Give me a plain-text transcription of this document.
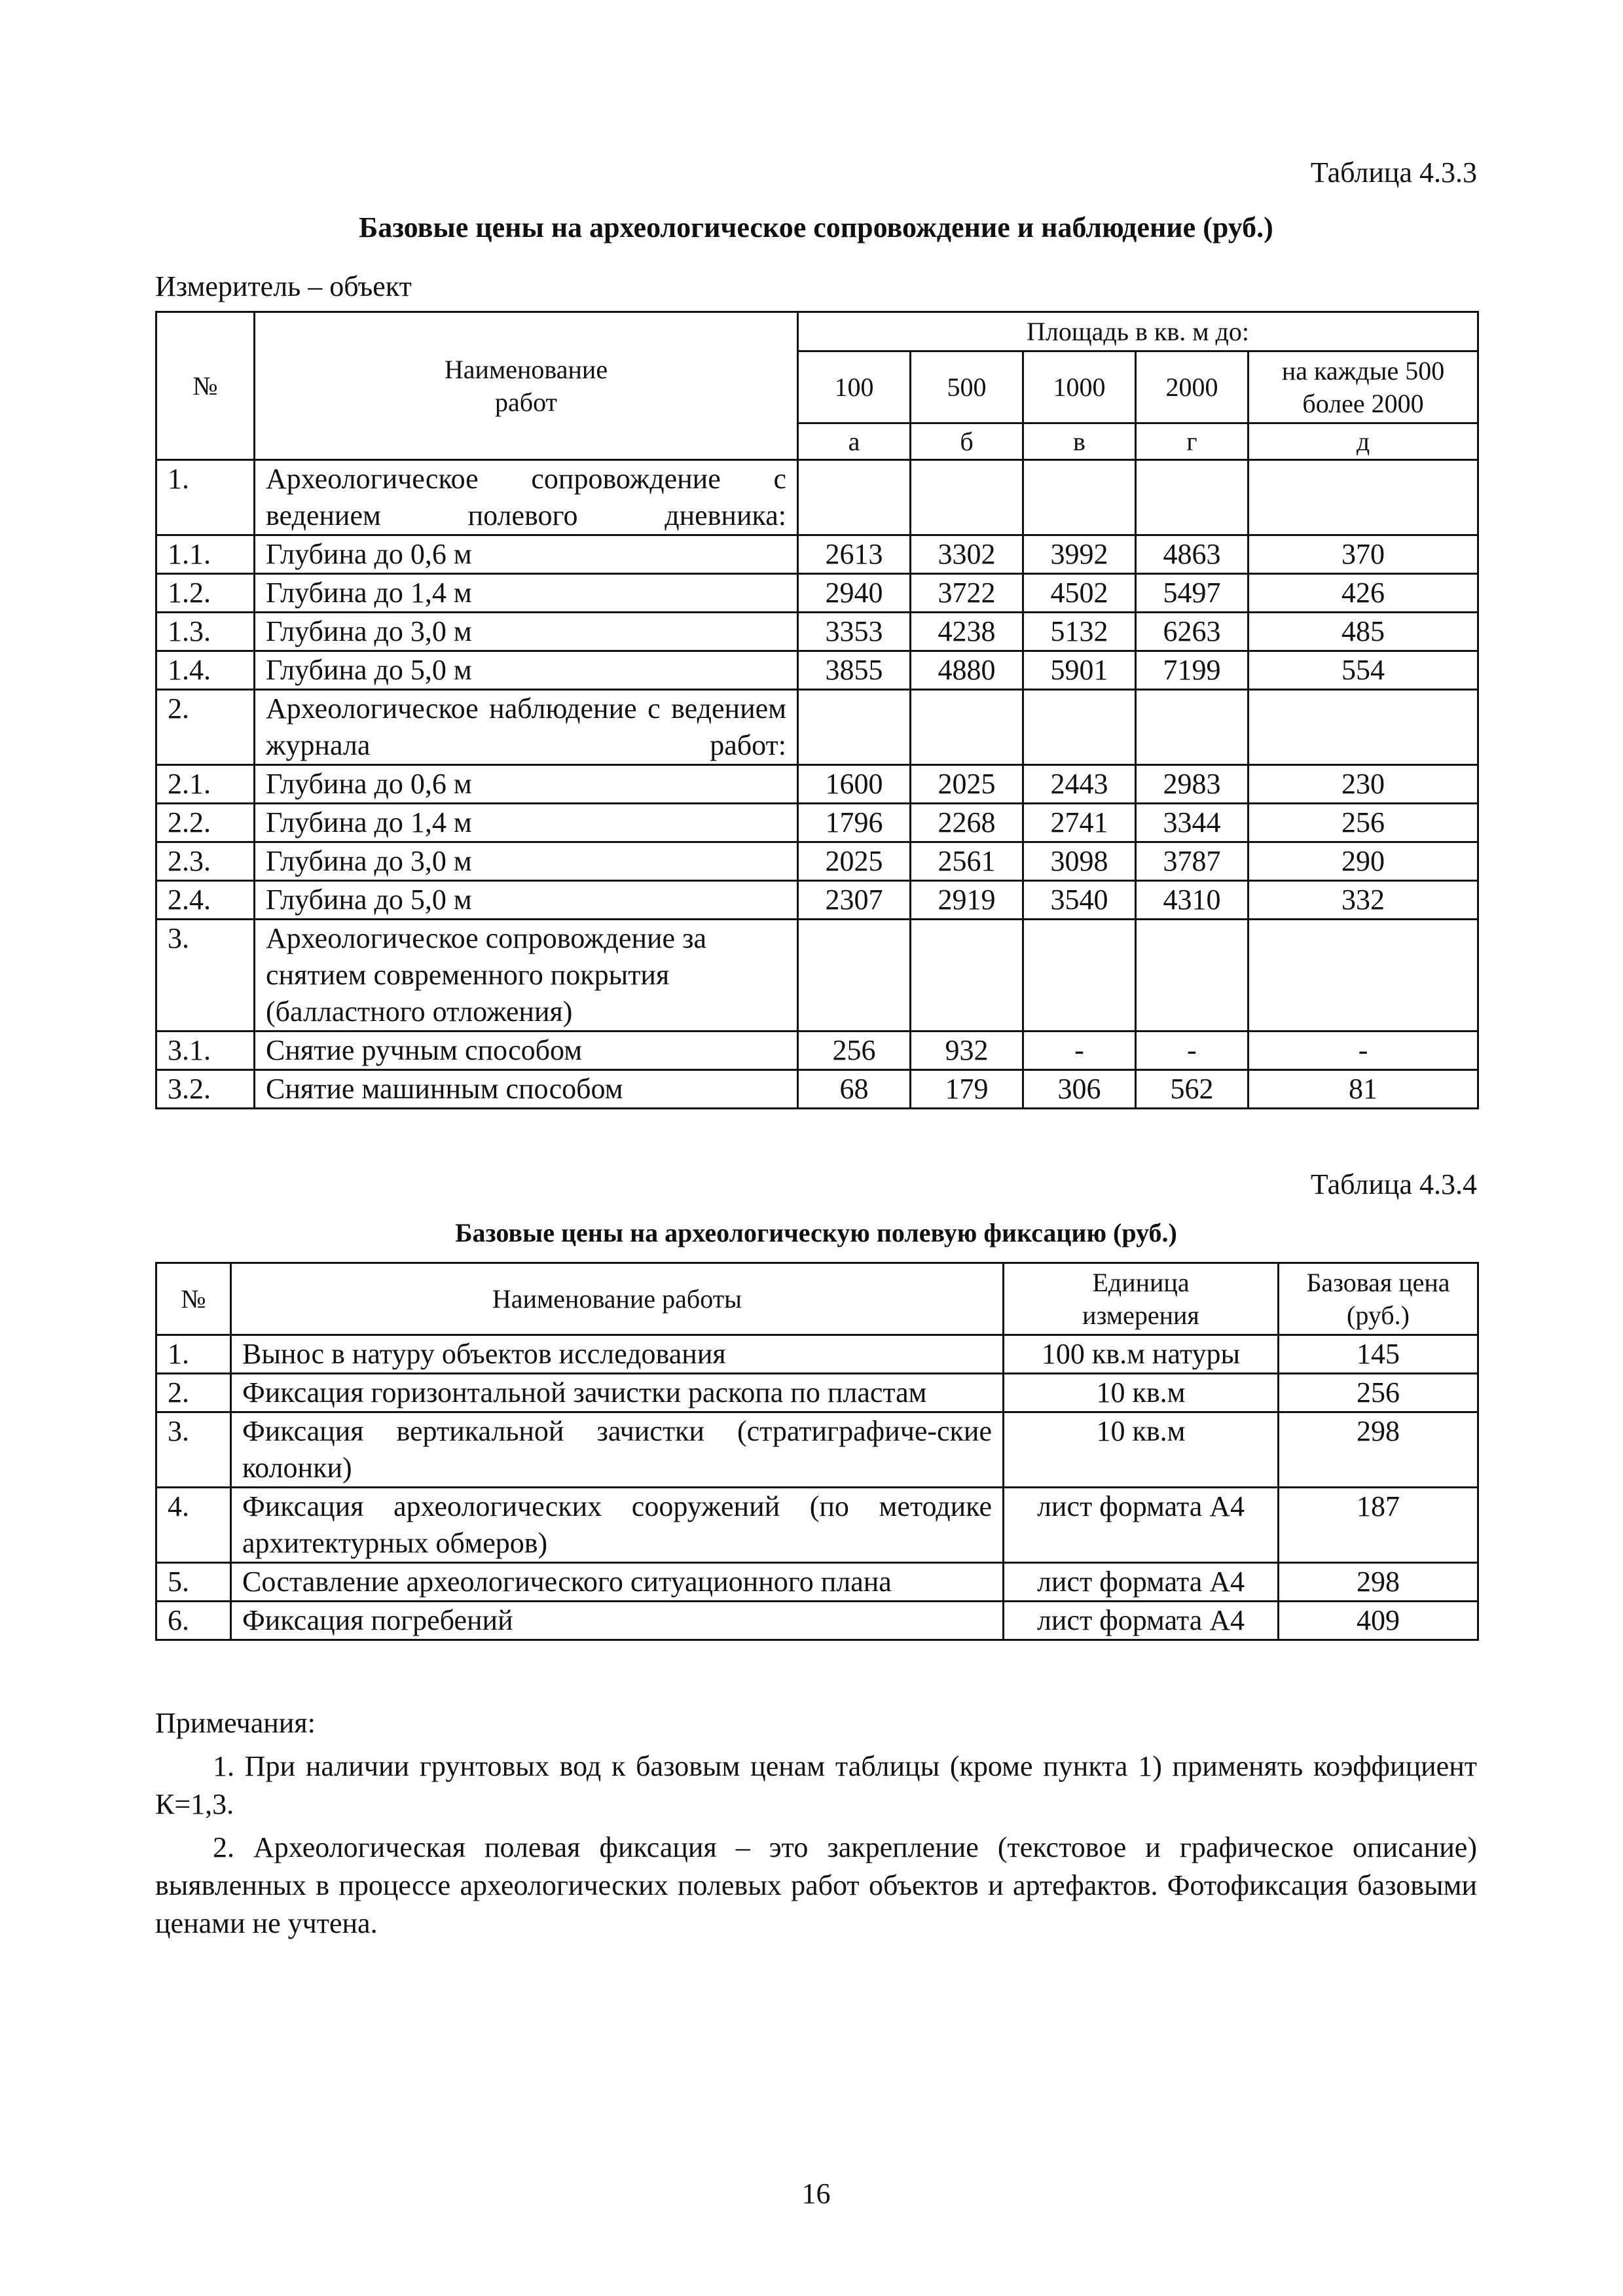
Таблица 4.3.3
Базовые цены на археологическое сопровождение и наблюдение (руб.)
Измеритель – объект
№	Наименование работ	Площадь в кв. м до:				
		100	500	1000	2000	на каждые 500 более 2000
		а	б	в	г	д
1.	Археологическое сопровождение с ведением полевого дневника:					
1.1.	Глубина до 0,6 м	2613	3302	3992	4863	370
1.2.	Глубина до 1,4 м	2940	3722	4502	5497	426
1.3.	Глубина до 3,0 м	3353	4238	5132	6263	485
1.4.	Глубина до 5,0 м	3855	4880	5901	7199	554
2.	Археологическое наблюдение с ведением журнала работ:					
2.1.	Глубина до 0,6 м	1600	2025	2443	2983	230
2.2.	Глубина до 1,4 м	1796	2268	2741	3344	256
2.3.	Глубина до 3,0 м	2025	2561	3098	3787	290
2.4.	Глубина до 5,0 м	2307	2919	3540	4310	332
3.	Археологическое сопровождение за снятием современного покрытия (балластного отложения)					
3.1.	Снятие ручным способом	256	932	-	-	-
3.2.	Снятие машинным способом	68	179	306	562	81
Таблица 4.3.4
Базовые цены на археологическую полевую фиксацию (руб.)
№	Наименование работы	Единица измерения	Базовая цена (руб.)
1.	Вынос в натуру объектов исследования	100 кв.м натуры	145
2.	Фиксация горизонтальной зачистки раскопа по пластам	10 кв.м	256
3.	Фиксация вертикальной зачистки (стратиграфиче-ские колонки)	10 кв.м	298
4.	Фиксация археологических сооружений (по методике архитектурных обмеров)	лист формата А4	187
5.	Составление археологического ситуационного плана	лист формата А4	298
6.	Фиксация погребений	лист формата А4	409

Примечания:

1. При наличии грунтовых вод к базовым ценам таблицы (кроме пункта 1) применять коэффициент К=1,3.

2. Археологическая полевая фиксация – это закрепление (текстовое и графическое описание) выявленных в процессе археологических полевых работ объектов и артефактов. Фотофиксация базовыми ценами не учтена.

16
